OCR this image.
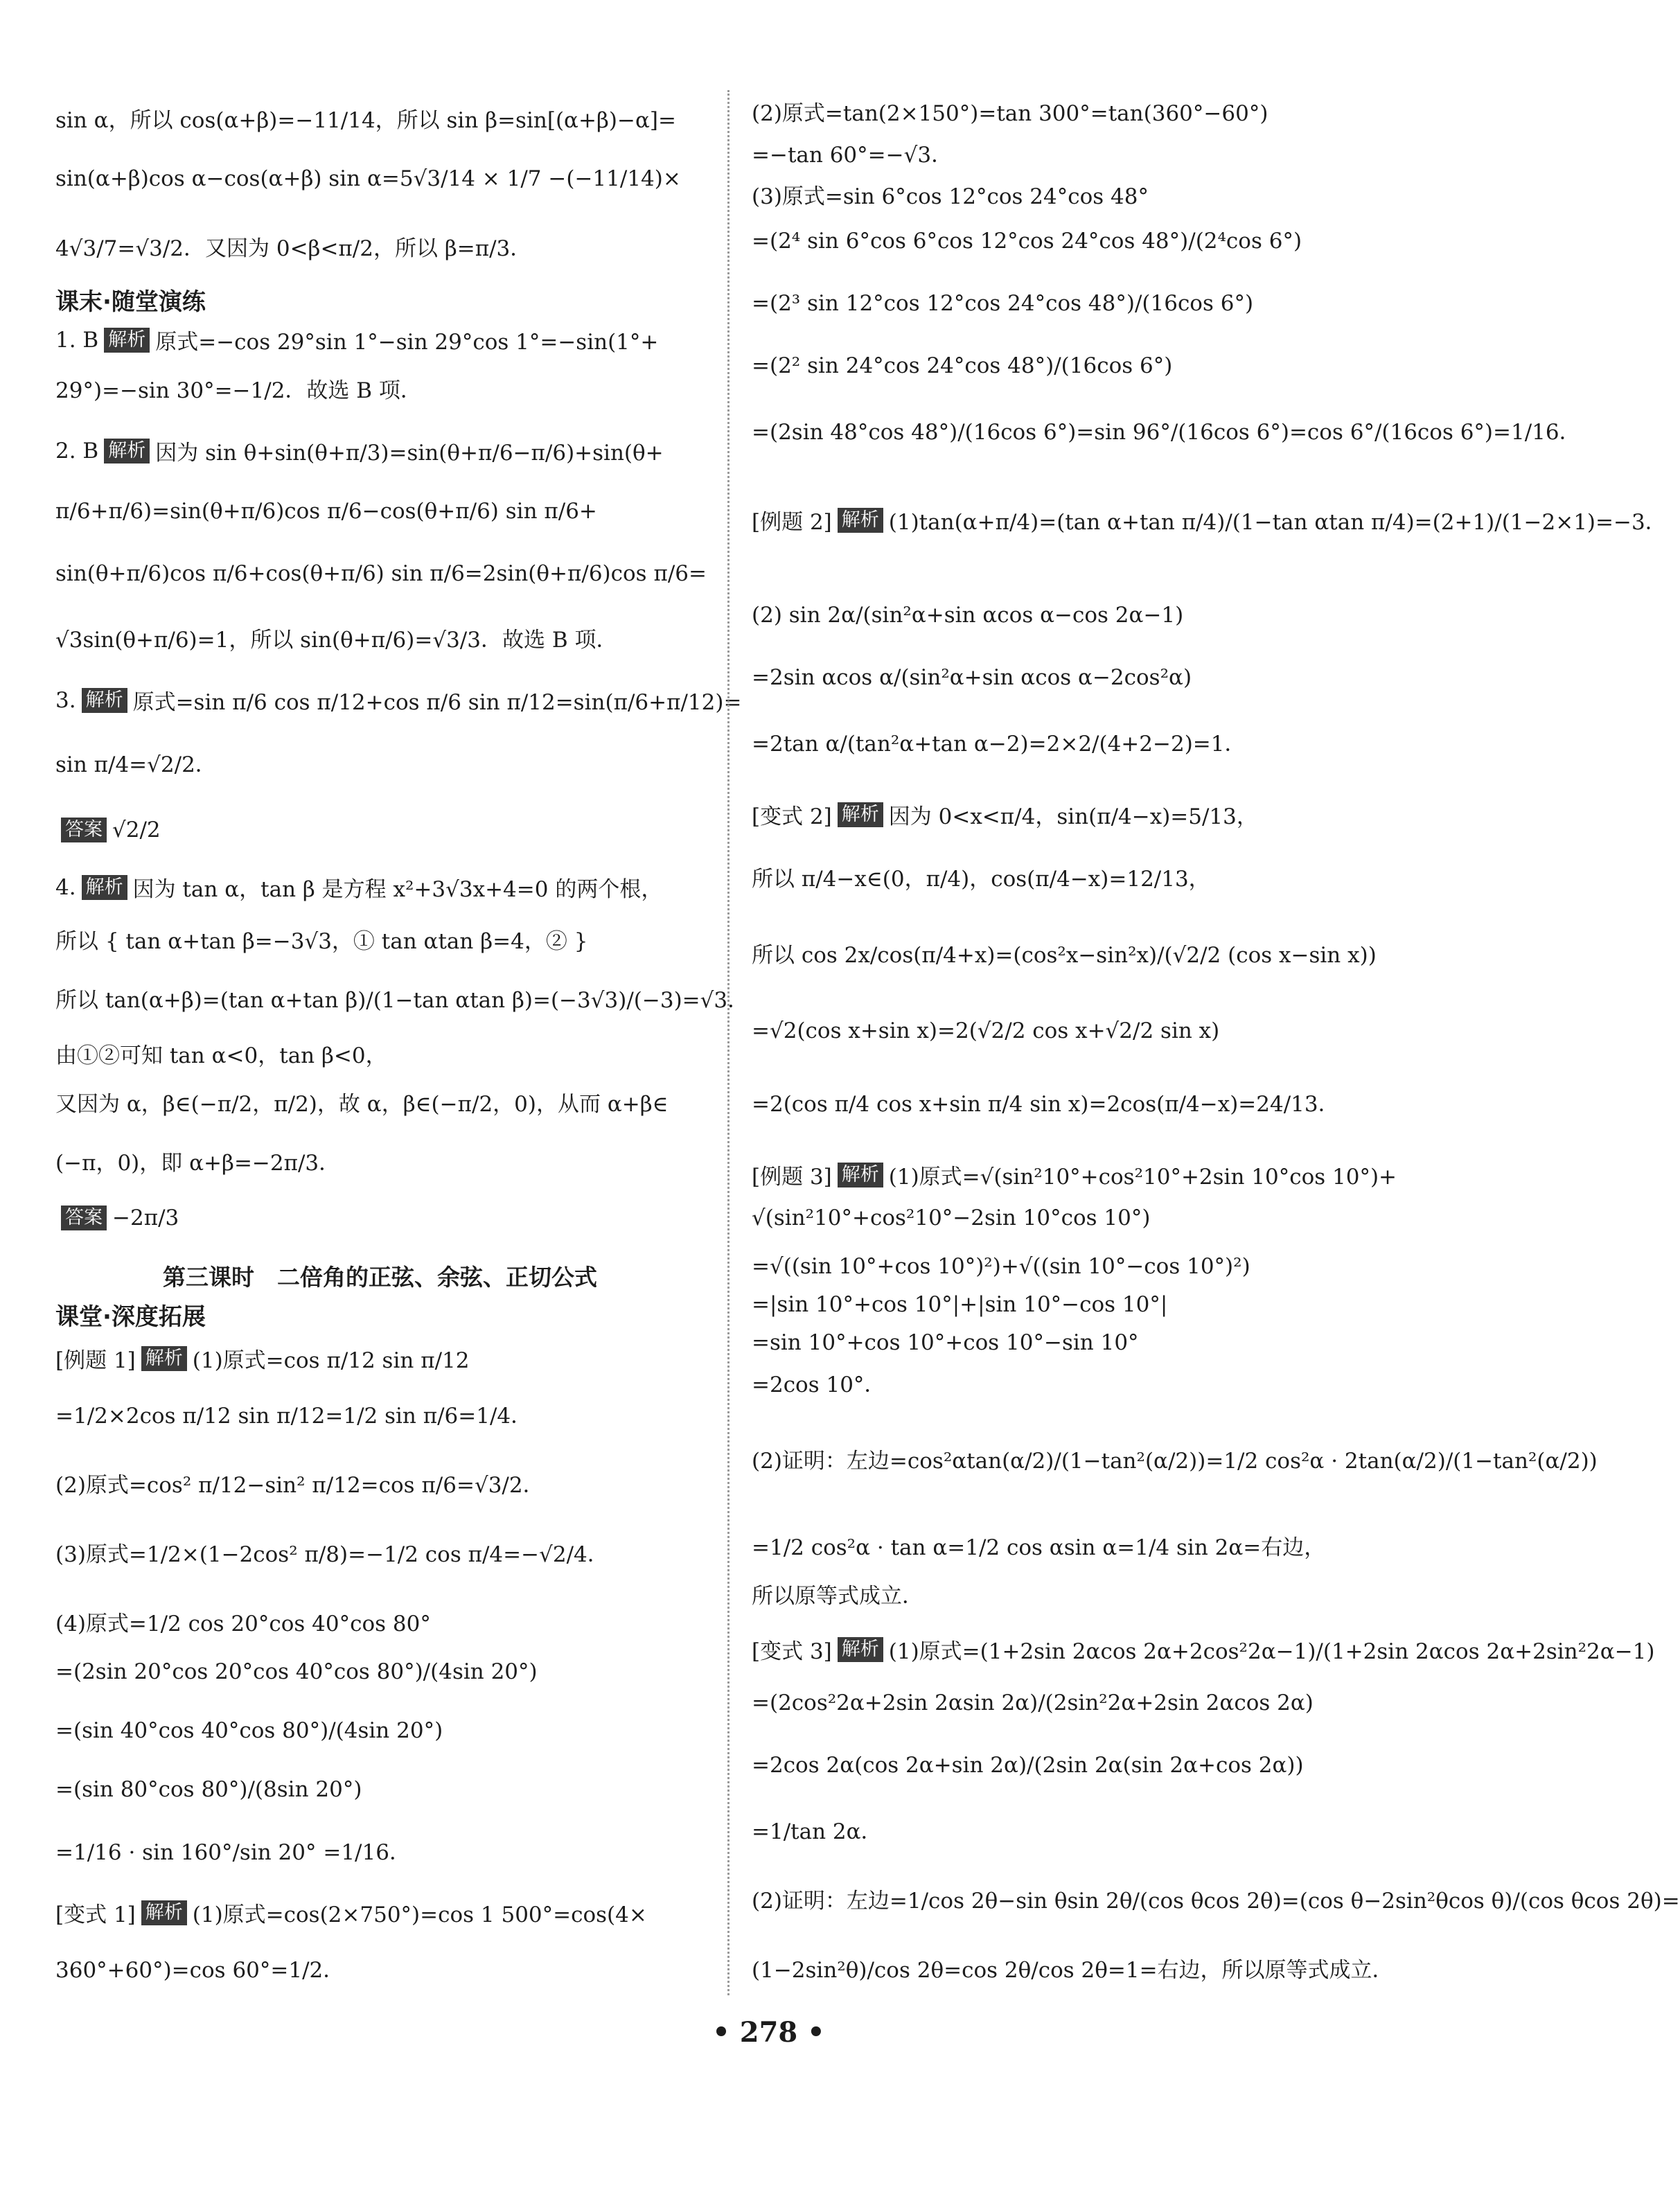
sin α，所以 cos(α+β)=−11/14，所以 sin β=sin[(α+β)−α]=
sin(α+β)cos α−cos(α+β) sin α=5√3/14 × 1/7 −(−11/14)×
4√3/7=√3/2．又因为 0<β<π/2，所以 β=π/3．
课末·随堂演练
1. B 解析 原式=−cos 29°sin 1°−sin 29°cos 1°=−sin(1°+
29°)=−sin 30°=−1/2．故选 B 项．
2. B 解析 因为 sin θ+sin(θ+π/3)=sin(θ+π/6−π/6)+sin(θ+
π/6+π/6)=sin(θ+π/6)cos π/6−cos(θ+π/6) sin π/6+
sin(θ+π/6)cos π/6+cos(θ+π/6) sin π/6=2sin(θ+π/6)cos π/6=
√3sin(θ+π/6)=1，所以 sin(θ+π/6)=√3/3．故选 B 项．
3. 解析 原式=sin π/6 cos π/12+cos π/6 sin π/12=sin(π/6+π/12)=
sin π/4=√2/2．
答案 √2/2
4. 解析 因为 tan α，tan β 是方程 x²+3√3x+4=0 的两个根，
所以 { tan α+tan β=−3√3，① tan αtan β=4，② }
所以 tan(α+β)=(tan α+tan β)/(1−tan αtan β)=(−3√3)/(−3)=√3．
由①②可知 tan α<0，tan β<0，
又因为 α，β∈(−π/2，π/2)，故 α，β∈(−π/2，0)，从而 α+β∈
(−π，0)，即 α+β=−2π/3．
答案 −2π/3
第三课时　二倍角的正弦、余弦、正切公式
课堂·深度拓展
[例题 1] 解析 (1)原式=cos π/12 sin π/12
=1/2×2cos π/12 sin π/12=1/2 sin π/6=1/4．
(2)原式=cos² π/12−sin² π/12=cos π/6=√3/2．
(3)原式=1/2×(1−2cos² π/8)=−1/2 cos π/4=−√2/4．
(4)原式=1/2 cos 20°cos 40°cos 80°
=(2sin 20°cos 20°cos 40°cos 80°)/(4sin 20°)
=(sin 40°cos 40°cos 80°)/(4sin 20°)
=(sin 80°cos 80°)/(8sin 20°)
=1/16 · sin 160°/sin 20° =1/16．
[变式 1] 解析 (1)原式=cos(2×750°)=cos 1 500°=cos(4×
360°+60°)=cos 60°=1/2．
(2)原式=tan(2×150°)=tan 300°=tan(360°−60°)
=−tan 60°=−√3．
(3)原式=sin 6°cos 12°cos 24°cos 48°
=(2⁴ sin 6°cos 6°cos 12°cos 24°cos 48°)/(2⁴cos 6°)
=(2³ sin 12°cos 12°cos 24°cos 48°)/(16cos 6°)
=(2² sin 24°cos 24°cos 48°)/(16cos 6°)
=(2sin 48°cos 48°)/(16cos 6°)=sin 96°/(16cos 6°)=cos 6°/(16cos 6°)=1/16．
[例题 2] 解析 (1)tan(α+π/4)=(tan α+tan π/4)/(1−tan αtan π/4)=(2+1)/(1−2×1)=−3．
(2) sin 2α/(sin²α+sin αcos α−cos 2α−1)
=2sin αcos α/(sin²α+sin αcos α−2cos²α)
=2tan α/(tan²α+tan α−2)=2×2/(4+2−2)=1．
[变式 2] 解析 因为 0<x<π/4，sin(π/4−x)=5/13，
所以 π/4−x∈(0，π/4)，cos(π/4−x)=12/13，
所以 cos 2x/cos(π/4+x)=(cos²x−sin²x)/(√2/2 (cos x−sin x))
=√2(cos x+sin x)=2(√2/2 cos x+√2/2 sin x)
=2(cos π/4 cos x+sin π/4 sin x)=2cos(π/4−x)=24/13．
[例题 3] 解析 (1)原式=√(sin²10°+cos²10°+2sin 10°cos 10°)+
√(sin²10°+cos²10°−2sin 10°cos 10°)
=√((sin 10°+cos 10°)²)+√((sin 10°−cos 10°)²)
=|sin 10°+cos 10°|+|sin 10°−cos 10°|
=sin 10°+cos 10°+cos 10°−sin 10°
=2cos 10°．
(2)证明：左边=cos²αtan(α/2)/(1−tan²(α/2))=1/2 cos²α · 2tan(α/2)/(1−tan²(α/2))
=1/2 cos²α · tan α=1/2 cos αsin α=1/4 sin 2α=右边，
所以原等式成立．
[变式 3] 解析 (1)原式=(1+2sin 2αcos 2α+2cos²2α−1)/(1+2sin 2αcos 2α+2sin²2α−1)
=(2cos²2α+2sin 2αsin 2α)/(2sin²2α+2sin 2αcos 2α)
=2cos 2α(cos 2α+sin 2α)/(2sin 2α(sin 2α+cos 2α))
=1/tan 2α．
(2)证明：左边=1/cos 2θ−sin θsin 2θ/(cos θcos 2θ)=(cos θ−2sin²θcos θ)/(cos θcos 2θ)=
(1−2sin²θ)/cos 2θ=cos 2θ/cos 2θ=1=右边，所以原等式成立．
• 278 •
